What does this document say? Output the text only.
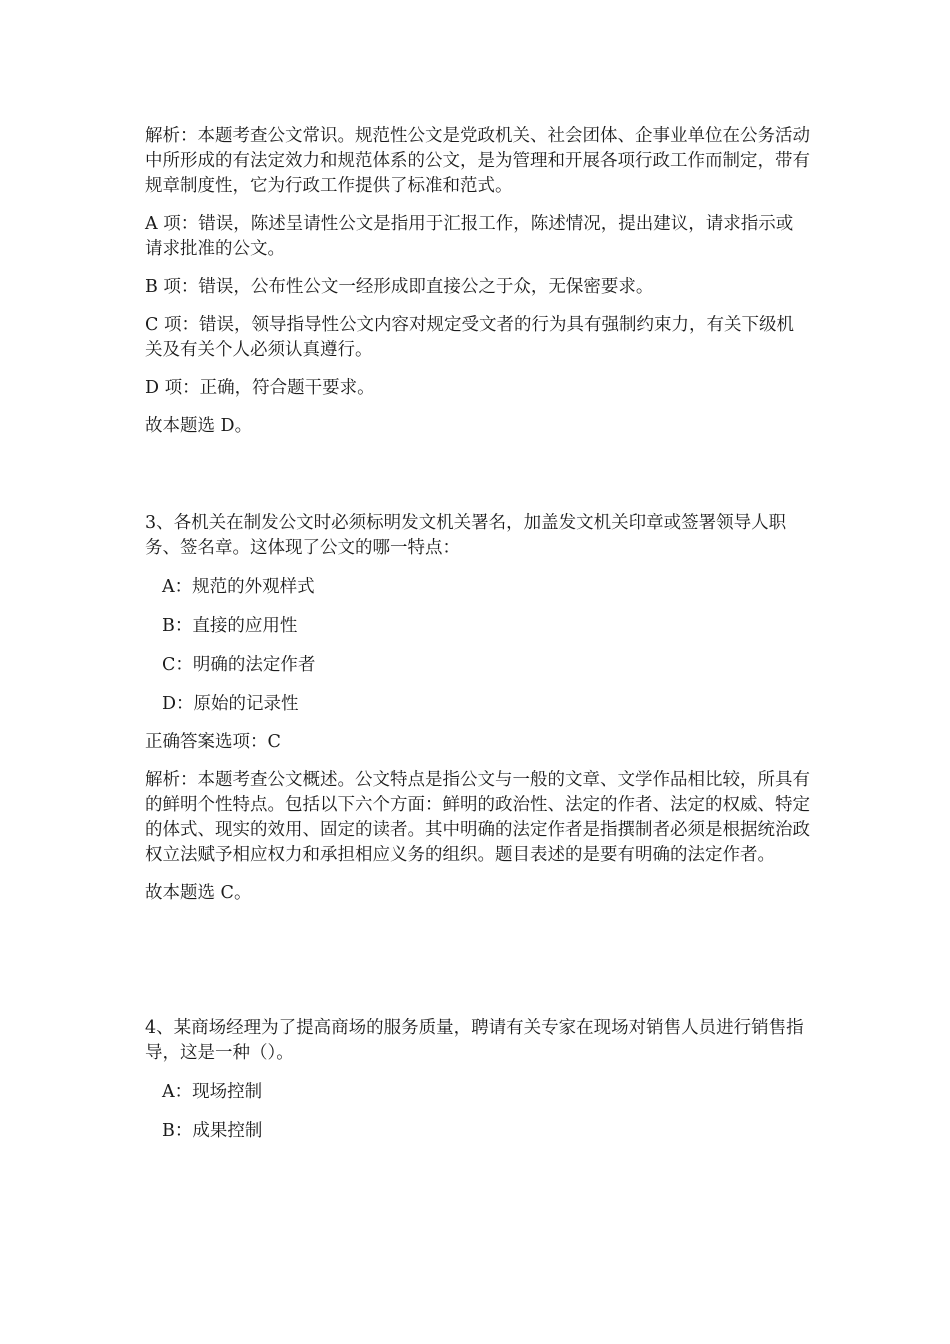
解析：本题考查公文常识。规范性公文是党政机关、社会团体、企事业单位在公务活动中所形成的有法定效力和规范体系的公文，是为管理和开展各项行政工作而制定，带有规章制度性，它为行政工作提供了标准和范式。

A 项：错误，陈述呈请性公文是指用于汇报工作，陈述情况，提出建议，请求指示或请求批准的公文。

B 项：错误，公布性公文一经形成即直接公之于众，无保密要求。

C 项：错误，领导指导性公文内容对规定受文者的行为具有强制约束力，有关下级机关及有关个人必须认真遵行。

D 项：正确，符合题干要求。

故本题选 D。

3、各机关在制发公文时必须标明发文机关署名，加盖发文机关印章或签署领导人职务、签名章。这体现了公文的哪一特点：

A：规范的外观样式

B：直接的应用性

C：明确的法定作者

D：原始的记录性

正确答案选项：C

解析：本题考查公文概述。公文特点是指公文与一般的文章、文学作品相比较，所具有的鲜明个性特点。包括以下六个方面：鲜明的政治性、法定的作者、法定的权威、特定的体式、现实的效用、固定的读者。其中明确的法定作者是指撰制者必须是根据统治政权立法赋予相应权力和承担相应义务的组织。题目表述的是要有明确的法定作者。

故本题选 C。

4、某商场经理为了提高商场的服务质量，聘请有关专家在现场对销售人员进行销售指导，这是一种（）。

A：现场控制

B：成果控制
